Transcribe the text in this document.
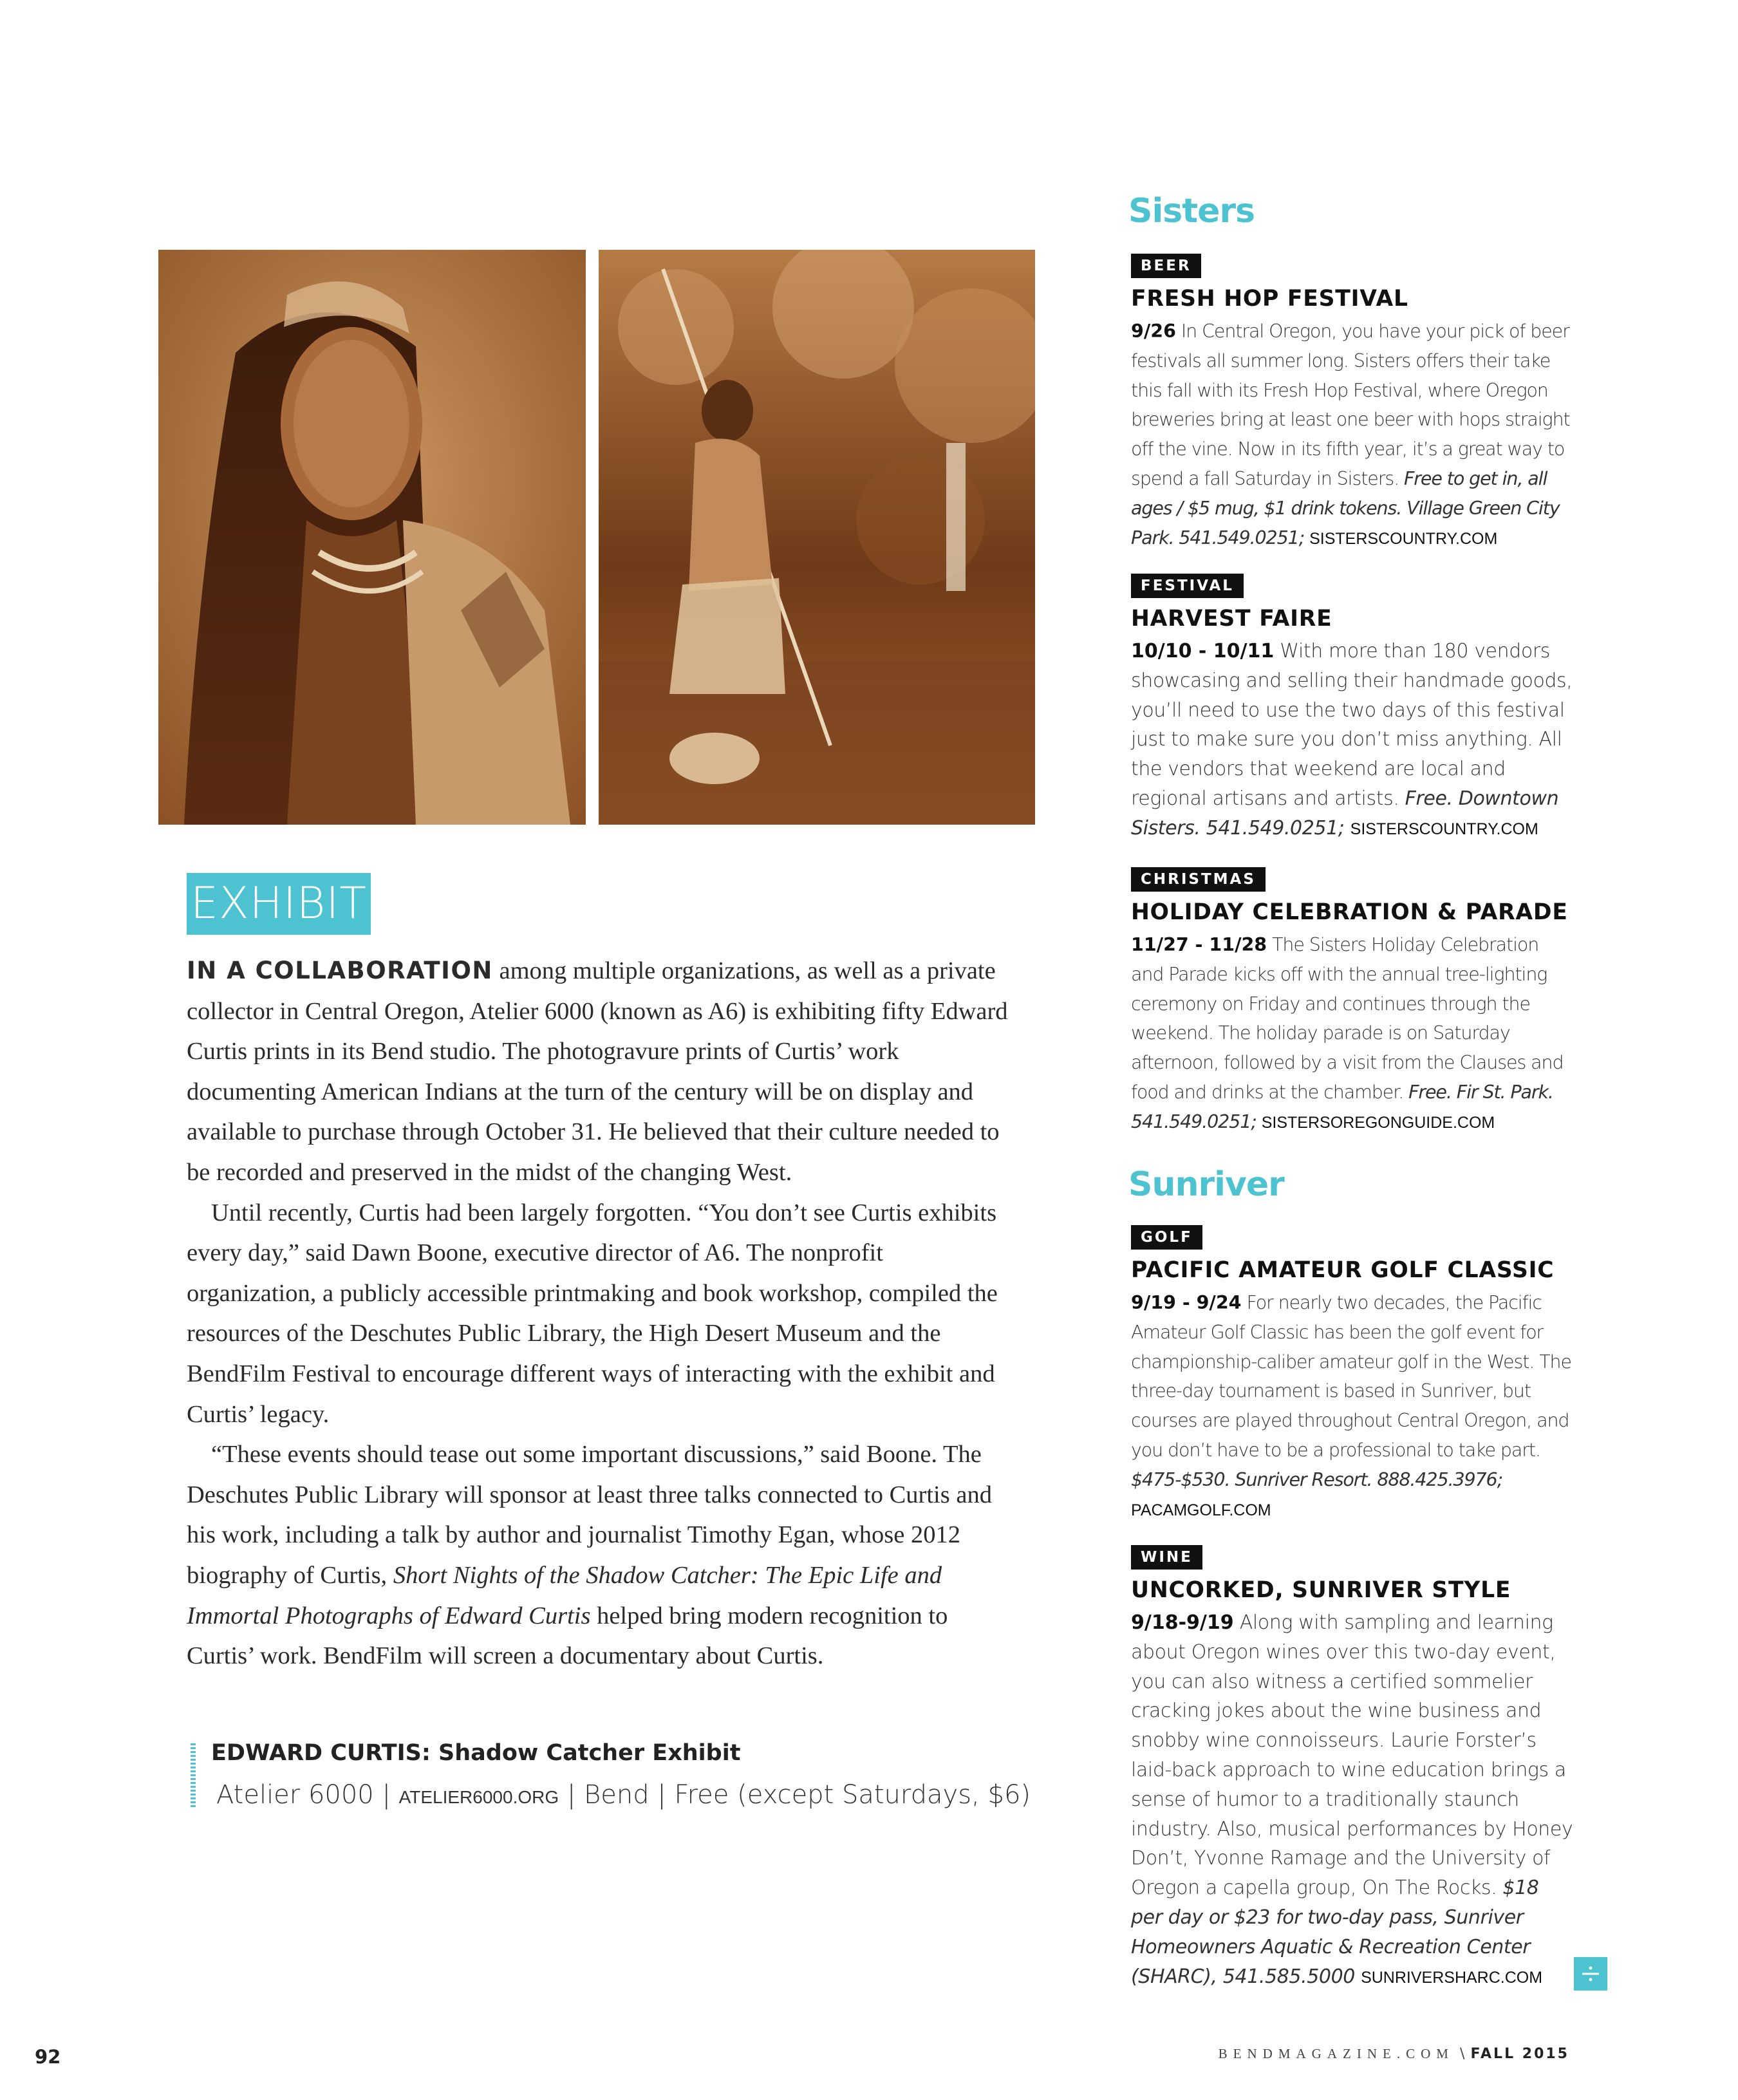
EXHIBIT

IN A COLLABORATION among multiple organizations, as well as a private collector in Central Oregon, Atelier 6000 (known as A6) is exhibiting fifty Edward Curtis prints in its Bend studio. The photogravure prints of Curtis’ work documenting American Indians at the turn of the century will be on display and available to purchase through October 31. He believed that their culture needed to be recorded and preserved in the midst of the changing West.

Until recently, Curtis had been largely forgotten. “You don’t see Curtis exhibits every day,” said Dawn Boone, executive director of A6. The nonprofit organization, a publicly accessible printmaking and book workshop, compiled the resources of the Deschutes Public Library, the High Desert Museum and the BendFilm Festival to encourage different ways of interacting with the exhibit and Curtis’ legacy.

“These events should tease out some important discussions,” said Boone. The Deschutes Public Library will sponsor at least three talks connected to Curtis and his work, including a talk by author and journalist Timothy Egan, whose 2012 biography of Curtis, Short Nights of the Shadow Catcher: The Epic Life and Immortal Photographs of Edward Curtis helped bring modern recognition to Curtis’ work. BendFilm will screen a documentary about Curtis.

EDWARD CURTIS: Shadow Catcher Exhibit
Atelier 6000 | ATELIER6000.ORG | Bend | Free (except Saturdays, $6)
Sisters
BEER
FRESH HOP FESTIVAL
9/26 In Central Oregon, you have your pick of beer festivals all summer long. Sisters offers their take this fall with its Fresh Hop Festival, where Oregon breweries bring at least one beer with hops straight off the vine. Now in its fifth year, it’s a great way to spend a fall Saturday in Sisters. Free to get in, all ages / $5 mug, $1 drink tokens. Village Green City Park. 541.549.0251; SISTERSCOUNTRY.COM
FESTIVAL
HARVEST FAIRE
10/10 - 10/11 With more than 180 vendors showcasing and selling their handmade goods, you’ll need to use the two days of this festival just to make sure you don’t miss anything. All the vendors that weekend are local and regional artisans and artists. Free. Downtown Sisters. 541.549.0251; SISTERSCOUNTRY.COM
CHRISTMAS
HOLIDAY CELEBRATION & PARADE
11/27 - 11/28 The Sisters Holiday Celebration and Parade kicks off with the annual tree-lighting ceremony on Friday and continues through the weekend. The holiday parade is on Saturday afternoon, followed by a visit from the Clauses and food and drinks at the chamber. Free. Fir St. Park. 541.549.0251; SISTERSOREGONGUIDE.COM
Sunriver
GOLF
PACIFIC AMATEUR GOLF CLASSIC
9/19 - 9/24 For nearly two decades, the Pacific Amateur Golf Classic has been the golf event for championship-caliber amateur golf in the West. The three-day tournament is based in Sunriver, but courses are played throughout Central Oregon, and you don’t have to be a professional to take part. $475-$530. Sunriver Resort. 888.425.3976; PACAMGOLF.COM
WINE
UNCORKED, SUNRIVER STYLE
9/18-9/19 Along with sampling and learning about Oregon wines over this two-day event, you can also witness a certified sommelier cracking jokes about the wine business and snobby wine connoisseurs. Laurie Forster’s laid-back approach to wine education brings a sense of humor to a traditionally staunch industry. Also, musical performances by Honey Don’t, Yvonne Ramage and the University of Oregon a capella group, On The Rocks. $18 per day or $23 for two-day pass, Sunriver Homeowners Aquatic & Recreation Center (SHARC), 541.585.5000 SUNRIVERSHARC.COM
92	BENDMAGAZINE.COM \ FALL 2015
